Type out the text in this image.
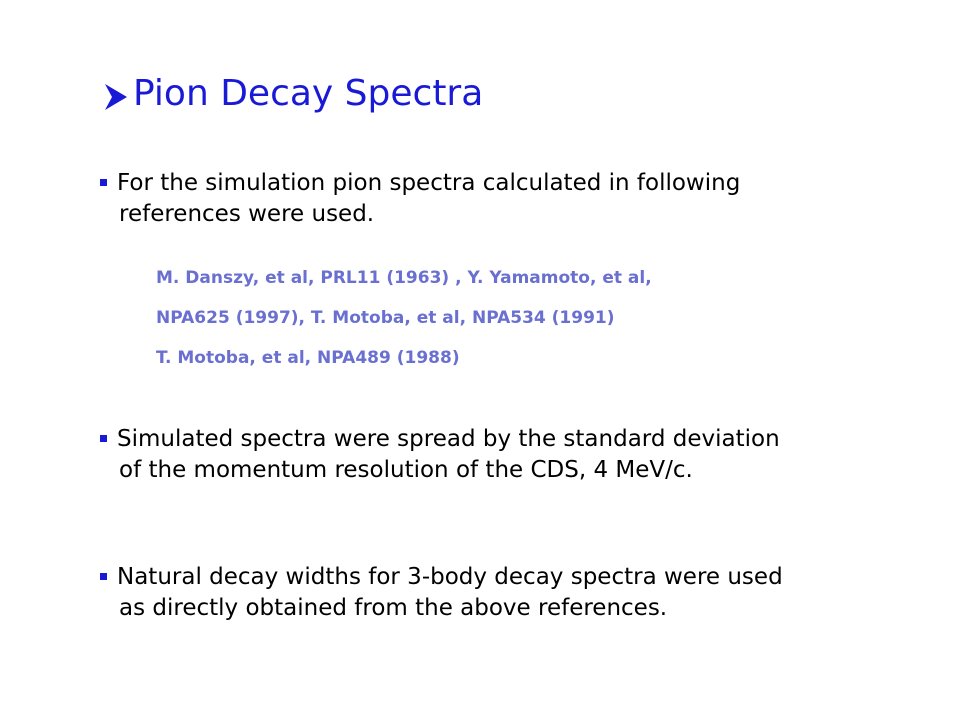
Pion Decay Spectra
For the simulation pion spectra calculated in following
references were used.
M. Danszy, et al, PRL11 (1963) , Y. Yamamoto, et al,
NPA625 (1997), T. Motoba, et al, NPA534 (1991)
T. Motoba, et al, NPA489 (1988)
Simulated spectra were spread by the standard deviation
of the momentum resolution of the CDS, 4 MeV/c.
Natural decay widths for 3-body decay spectra were used
as directly obtained from the above references.
